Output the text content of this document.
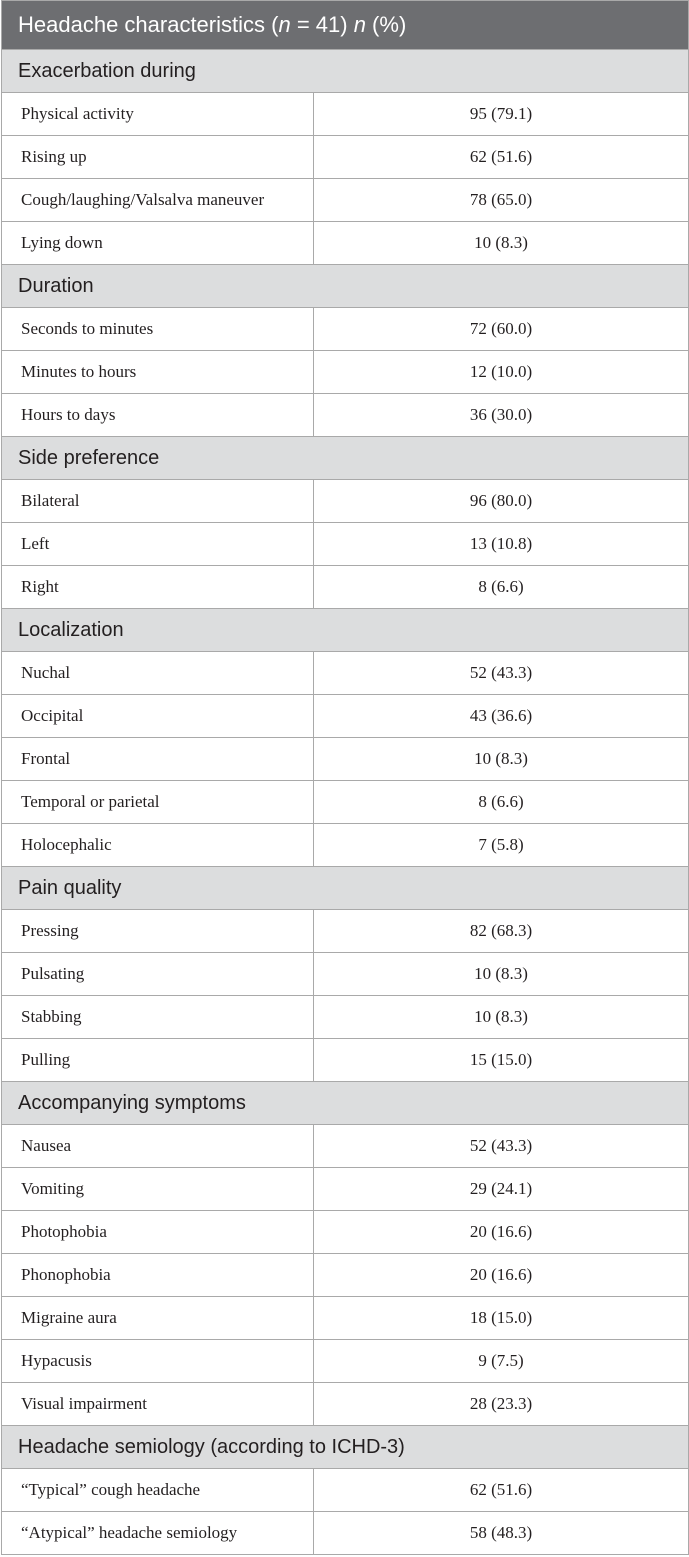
Headache characteristics (n = 41) n (%)	
Exacerbation during	
Physical activity	95 (79.1)
Rising up	62 (51.6)
Cough/laughing/Valsalva maneuver	78 (65.0)
Lying down	10 (8.3)
Duration	
Seconds to minutes	72 (60.0)
Minutes to hours	12 (10.0)
Hours to days	36 (30.0)
Side preference	
Bilateral	96 (80.0)
Left	13 (10.8)
Right	8 (6.6)
Localization	
Nuchal	52 (43.3)
Occipital	43 (36.6)
Frontal	10 (8.3)
Temporal or parietal	8 (6.6)
Holocephalic	7 (5.8)
Pain quality	
Pressing	82 (68.3)
Pulsating	10 (8.3)
Stabbing	10 (8.3)
Pulling	15 (15.0)
Accompanying symptoms	
Nausea	52 (43.3)
Vomiting	29 (24.1)
Photophobia	20 (16.6)
Phonophobia	20 (16.6)
Migraine aura	18 (15.0)
Hypacusis	9 (7.5)
Visual impairment	28 (23.3)
Headache semiology (according to ICHD-3)	
“Typical” cough headache	62 (51.6)
“Atypical” headache semiology	58 (48.3)
